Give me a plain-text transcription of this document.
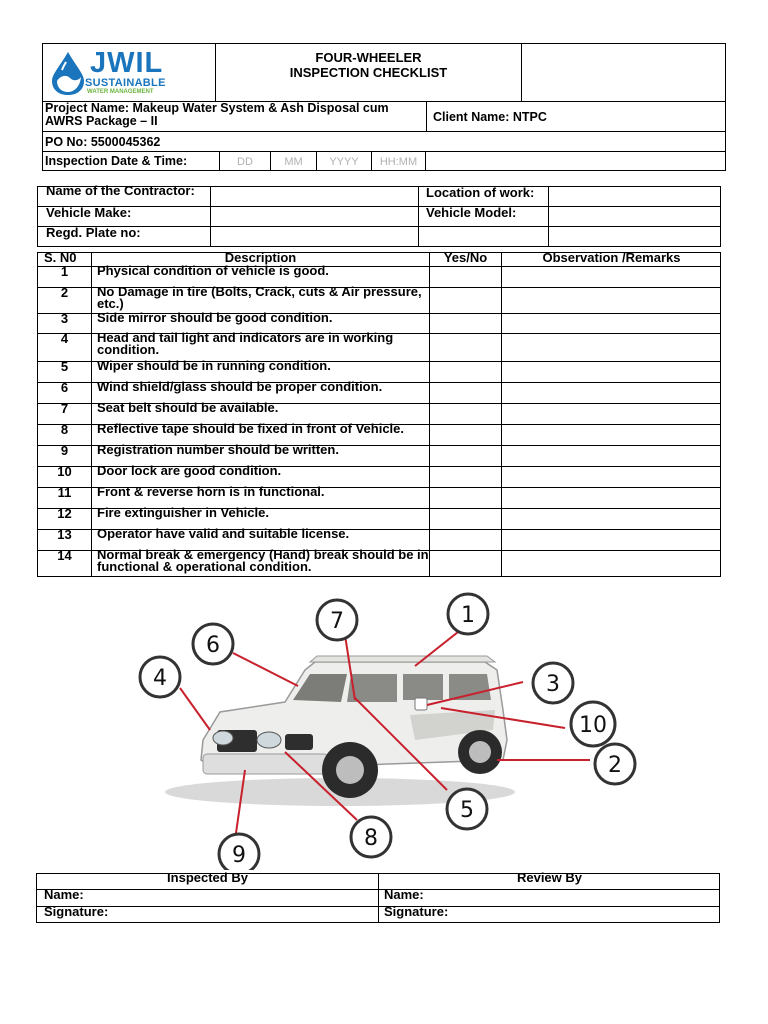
JWIL
SUSTAINABLE
WATER MANAGEMENT
FOUR-WHEELER
INSPECTION CHECKLIST
Project Name: Makeup Water System & Ash Disposal cum AWRS Package – II	Client Name: NTPC
PO No: 5500045362
Inspection Date & Time:	DD	MM	YYYY	HH:MM
Name of the Contractor:	Location of work:
Vehicle Make:	Vehicle Model:
Regd. Plate no:
S. N0	Description	Yes/No	Observation /Remarks
1	Physical condition of vehicle is good.
2	No Damage in tire (Bolts, Crack, cuts & Air pressure, etc.)
3	Side mirror should be good condition.
4	Head and tail light and indicators are in working condition.
5	Wiper should be in running condition.
6	Wind shield/glass should be proper condition.
7	Seat belt should be available.
8	Reflective tape should be fixed in front of Vehicle.
9	Registration number should be written.
10	Door lock are good condition.
11	Front & reverse horn is in functional.
12	Fire extinguisher in Vehicle.
13	Operator have valid and suitable license.
14	Normal break & emergency (Hand) break should be in functional & operational condition.
1
2
3
4
5
6
7
8
9
10
Inspected By	Review By
Name:	Name:
Signature:	Signature:
